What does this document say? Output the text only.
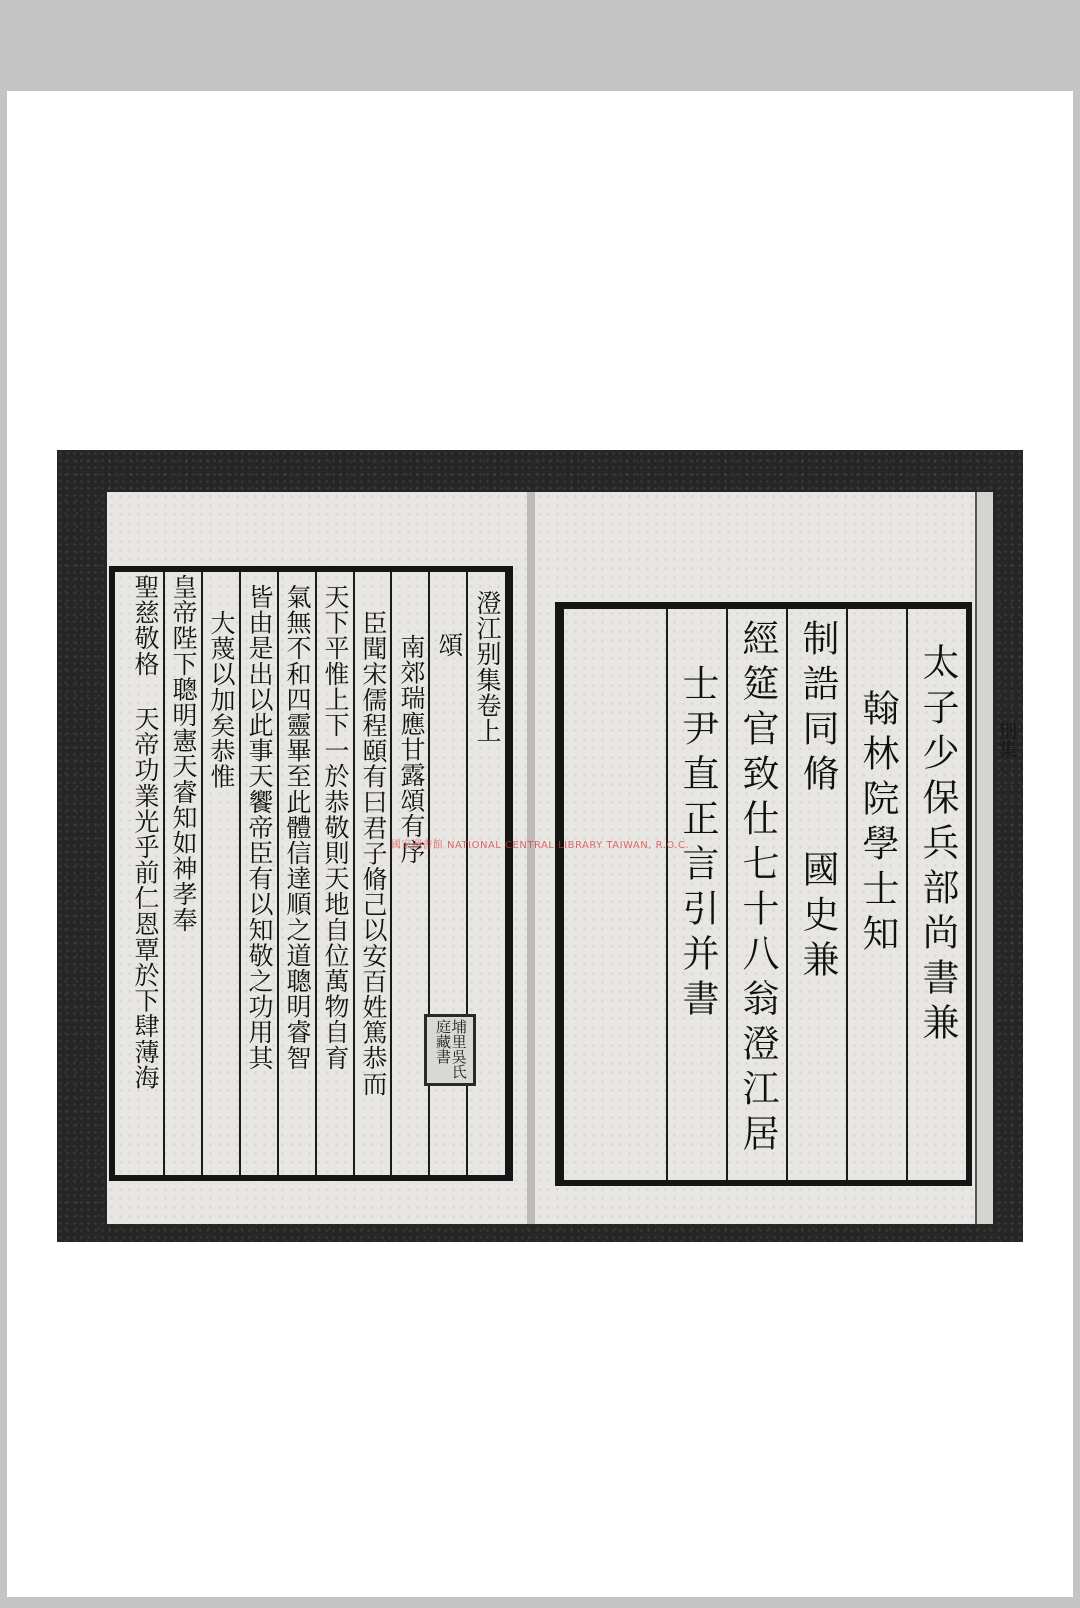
別集
澄江别集卷上
頌
南郊瑞應甘露頌有序
臣聞宋儒程頤有曰君子脩己以安百姓篤恭而
天下平惟上下一於恭敬則天地自位萬物自育
氣無不和四靈畢至此體信達順之道聰明睿智
皆由是出以此事天饗帝臣有以知敬之功用其
大蔑以加矣恭惟
皇帝陛下聰明憲天睿知如神孝奉
聖慈敬格 天帝功業光乎前仁恩覃於下肆薄海	太子少保兵部尚書兼
翰林院學士知
制誥同脩 國史兼
經筵官致仕七十八翁澄江居
士尹直正言引并書
埔里吳氏庭藏書
國家圖書館 NATIONAL CENTRAL LIBRARY TAIWAN, R.O.C.
